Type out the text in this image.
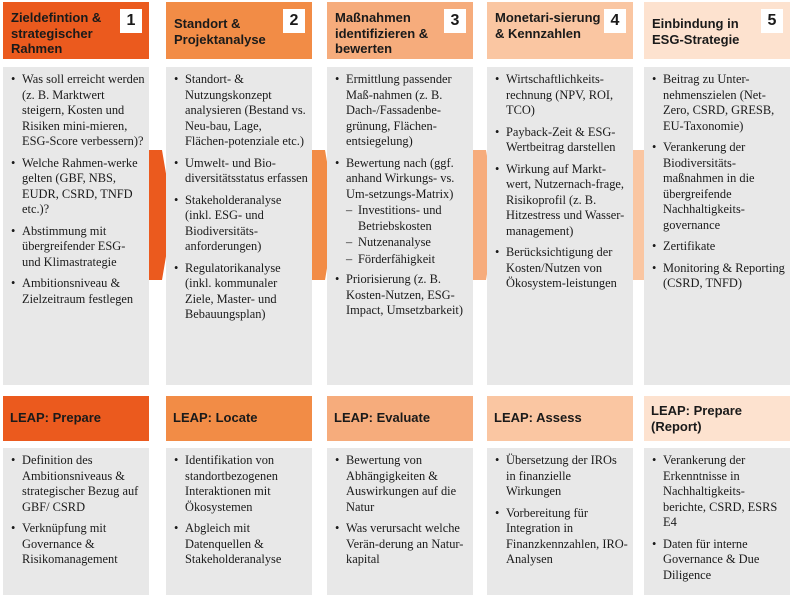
Zieldefintion & strategischer Rahmen
1
• Was soll erreicht werden (z. B. Marktwert steigern, Kosten und Risiken mini-mieren, ESG-Score verbessern)?
• Welche Rahmen-werke gelten (GBF, NBS, EUDR, CSRD, TNFD etc.)?
• Abstimmung mit übergreifender ESG- und Klimastrategie
• Ambitionsniveau & Zielzeitraum festlegen
LEAP: Prepare
• Definition des Ambitionsniveaus & strategischer Bezug auf GBF/ CSRD
• Verknüpfung mit Governance & Risikomanagement
Standort & Projektanalyse
2
• Standort- & Nutzungskonzept analysieren (Bestand vs. Neu-bau, Lage, Flächen-potenziale etc.)
• Umwelt- und Bio-diversitätsstatus erfassen
• Stakeholderanalyse (inkl. ESG- und Biodiversitäts-anforderungen)
• Regulatorikanalyse (inkl. kommunaler Ziele, Master- und Bebauungsplan)
LEAP: Locate
• Identifikation von standortbezogenen Interaktionen mit Ökosystemen
• Abgleich mit Datenquellen & Stakeholderanalyse
Maßnahmen identifizieren & bewerten
3
• Ermittlung passender Maß-nahmen (z. B. Dach-/Fassadenbe-grünung, Flächen-entsiegelung)
• Bewertung nach (ggf. anhand Wirkungs- vs. Um-setzungs-Matrix)
– Investitions- und Betriebskosten
– Nutzenanalyse
– Förderfähigkeit
• Priorisierung (z. B. Kosten-Nutzen, ESG-Impact, Umsetzbarkeit)
LEAP: Evaluate
• Bewertung von Abhängigkeiten & Auswirkungen auf die Natur
• Was verursacht welche Verän-derung an Natur-kapital
Monetari-sierung & Kennzahlen
4
• Wirtschaftlichkeits-rechnung (NPV, ROI, TCO)
• Payback-Zeit & ESG-Wertbeitrag darstellen
• Wirkung auf Markt-wert, Nutzernach-frage, Risikoprofil (z. B. Hitzestress und Wasser-management)
• Berücksichtigung der Kosten/Nutzen von Ökosystem-leistungen
LEAP: Assess
• Übersetzung der IROs in finanzielle Wirkungen
• Vorbereitung für Integration in Finanzkennzahlen, IRO- Analysen
Einbindung in ESG-Strategie
5
• Beitrag zu Unter-nehmenszielen (Net-Zero, CSRD, GRESB, EU-Taxonomie)
• Verankerung der Biodiversitäts-maßnahmen in die übergreifende Nachhaltigkeits-governance
• Zertifikate
• Monitoring & Reporting (CSRD, TNFD)
LEAP: Prepare (Report)
• Verankerung der Erkenntnisse in Nachhaltigkeits-berichte, CSRD, ESRS E4
• Daten für interne Governance & Due Diligence
